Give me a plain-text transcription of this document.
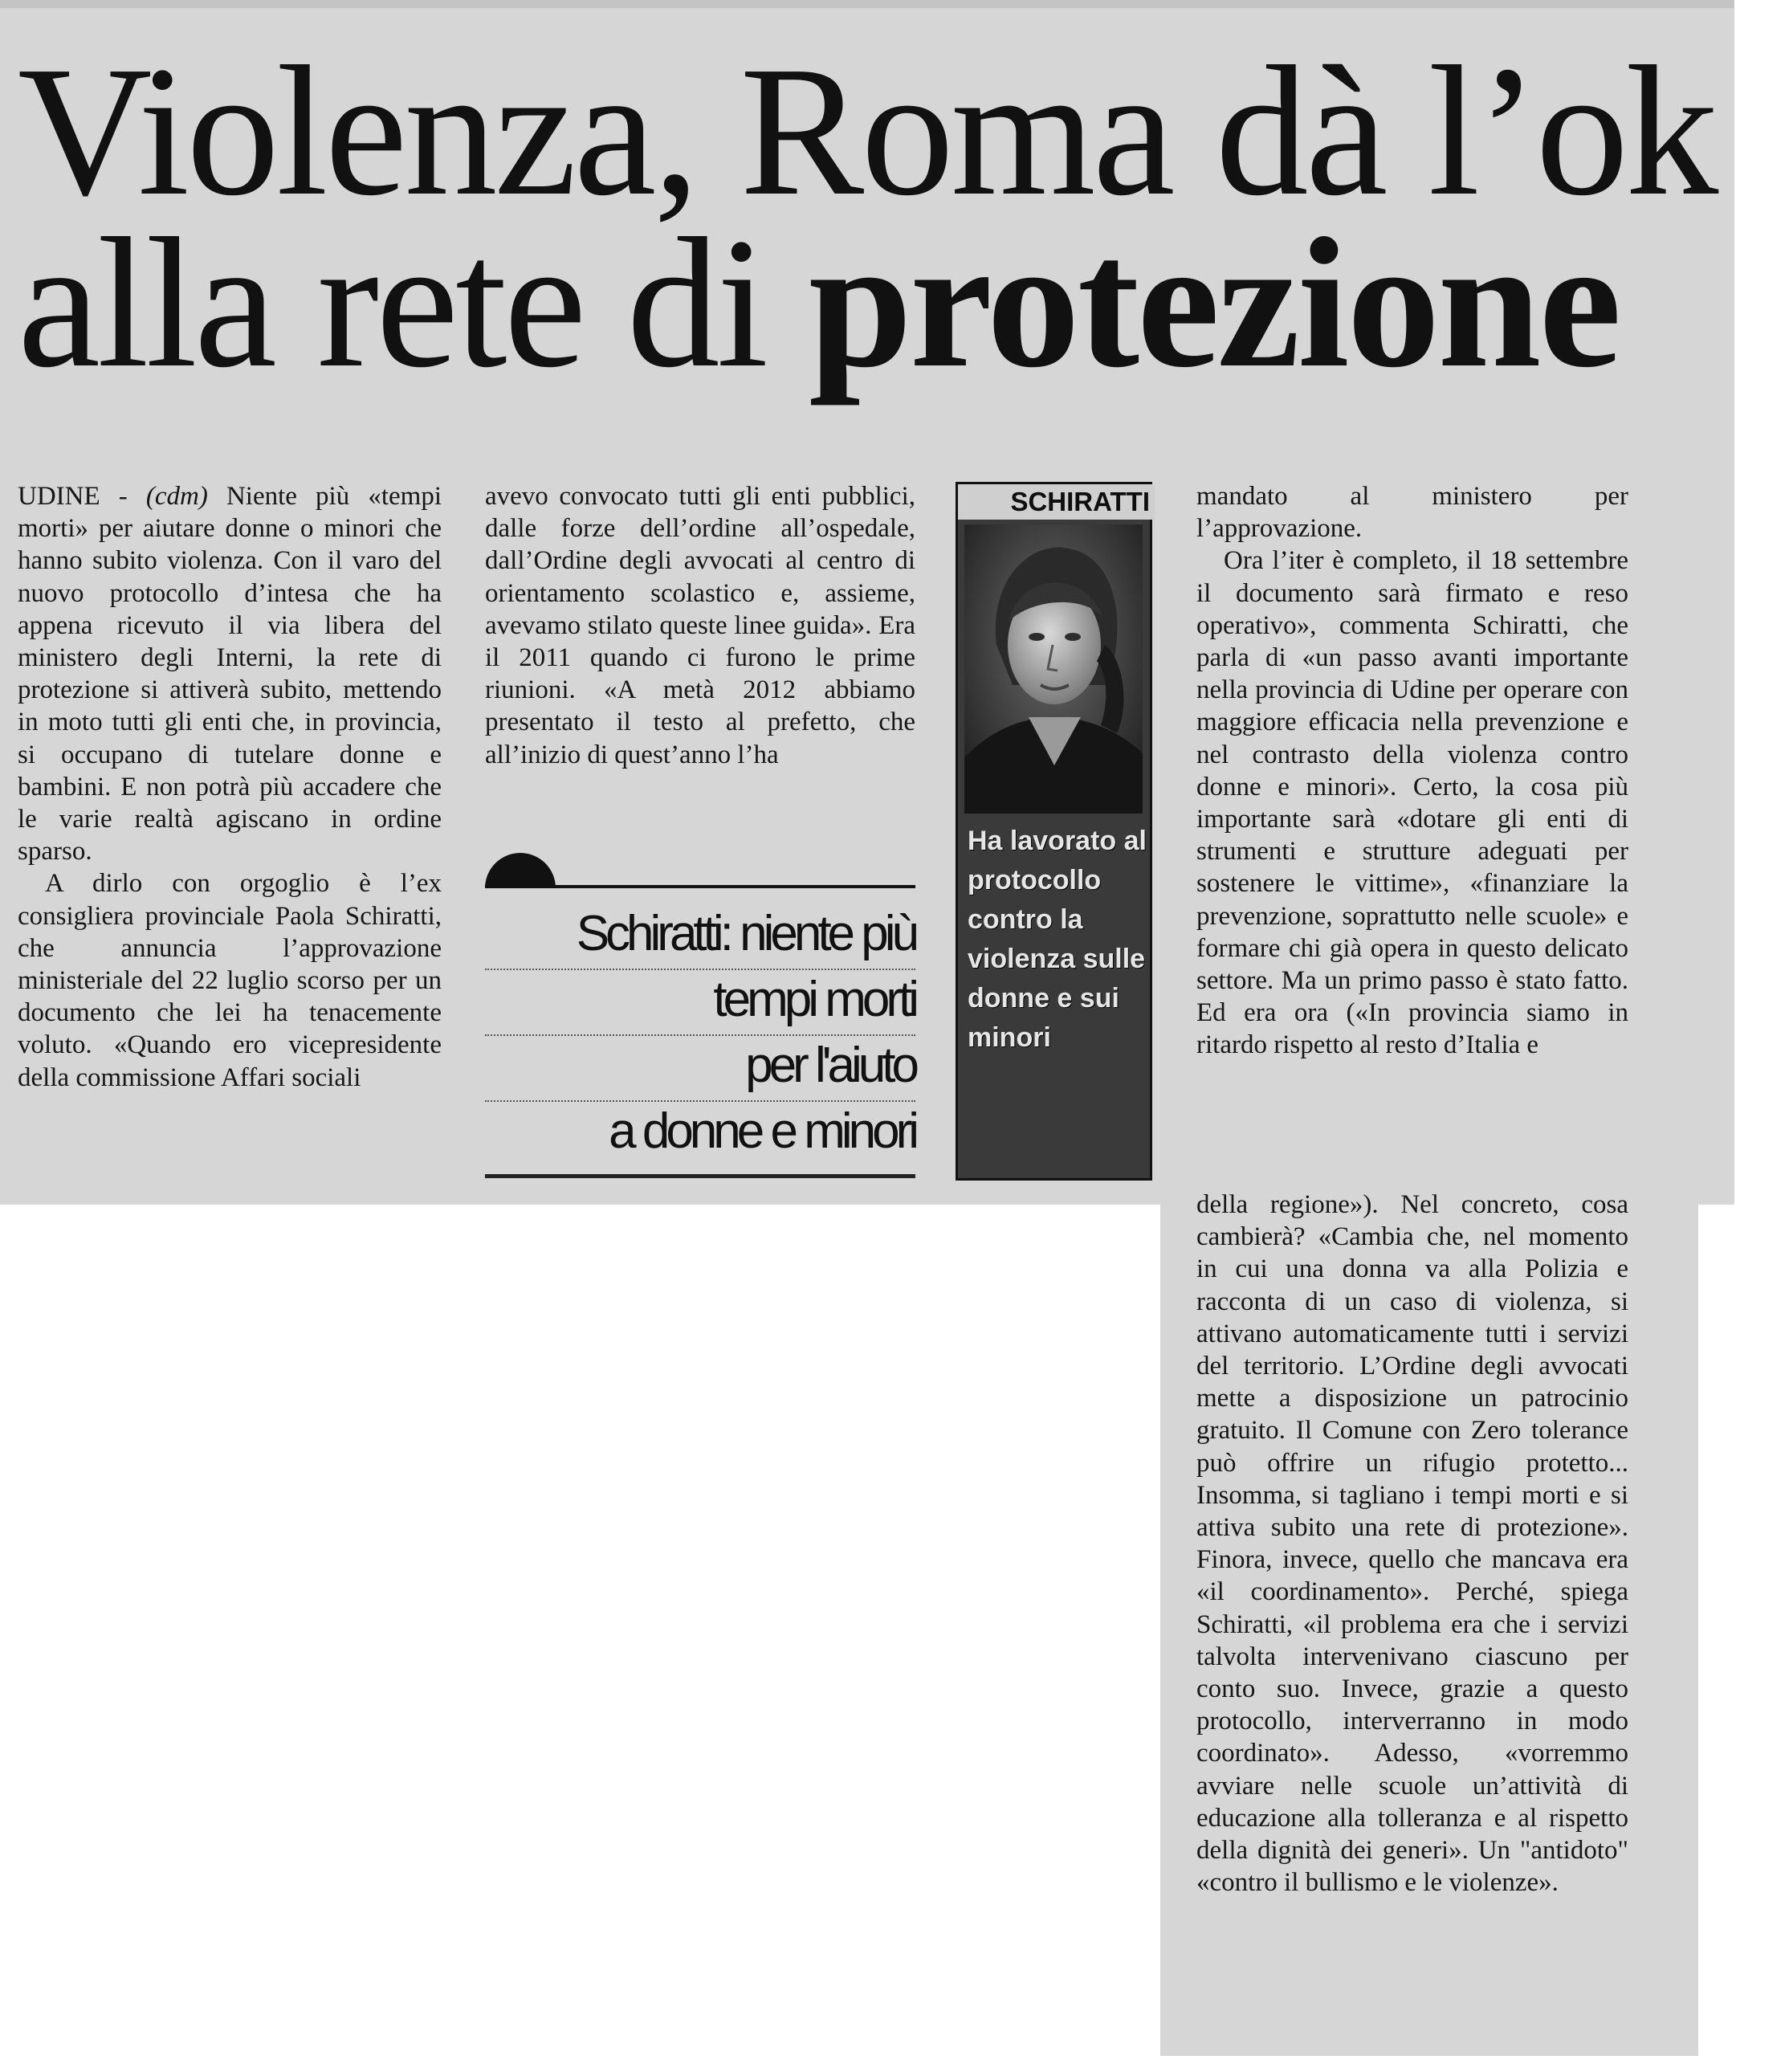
Violenza, Roma dà l’ok
alla rete di protezione

UDINE - (cdm) Niente più «tempi morti» per aiutare donne o minori che hanno subito violenza. Con il varo del nuovo protocollo d’intesa che ha appena ricevuto il via libera del ministero degli Interni, la rete di protezione si attiverà subito, mettendo in moto tutti gli enti che, in provincia, si occupano di tutelare donne e bambini. E non potrà più accadere che le varie realtà agiscano in ordine sparso.

A dirlo con orgoglio è l’ex consigliera provinciale Paola Schiratti, che annuncia l’approvazione ministeriale del 22 luglio scorso per un documento che lei ha tenacemente voluto. «Quando ero vicepresidente della commissione Affari sociali

avevo convocato tutti gli enti pubblici, dalle forze dell’ordine all’ospedale, dall’Ordine degli avvocati al centro di orientamento scolastico e, assieme, avevamo stilato queste linee guida». Era il 2011 quando ci furono le prime riunioni. «A metà 2012 abbiamo presentato il testo al prefetto, che all’inizio di quest’anno l’ha

Schiratti: niente più
tempi morti
per l'aiuto
a donne e minori
SCHIRATTI
Ha lavorato al protocollo contro la violenza sulle donne e sui minori

mandato al ministero per l’approvazione.

Ora l’iter è completo, il 18 settembre il documento sarà firmato e reso operativo», commenta Schiratti, che parla di «un passo avanti importante nella provincia di Udine per operare con maggiore efficacia nella prevenzione e nel contrasto della violenza contro donne e minori». Certo, la cosa più importante sarà «dotare gli enti di strumenti e strutture adeguati per sostenere le vittime», «finanziare la prevenzione, soprattutto nelle scuole» e formare chi già opera in questo delicato settore. Ma un primo passo è stato fatto. Ed era ora («In provincia siamo in ritardo rispetto al resto d’Italia e

della regione»). Nel concreto, cosa cambierà? «Cambia che, nel momento in cui una donna va alla Polizia e racconta di un caso di violenza, si attivano automaticamente tutti i servizi del territorio. L’Ordine degli avvocati mette a disposizione un patrocinio gratuito. Il Comune con Zero tolerance può offrire un rifugio protetto... Insomma, si tagliano i tempi morti e si attiva subito una rete di protezione». Finora, invece, quello che mancava era «il coordinamento». Perché, spiega Schiratti, «il problema era che i servizi talvolta intervenivano ciascuno per conto suo. Invece, grazie a questo protocollo, interverranno in modo coordinato». Adesso, «vorremmo avviare nelle scuole un’attività di educazione alla tolleranza e al rispetto della dignità dei generi». Un "antidoto" «contro il bullismo e le violenze».
